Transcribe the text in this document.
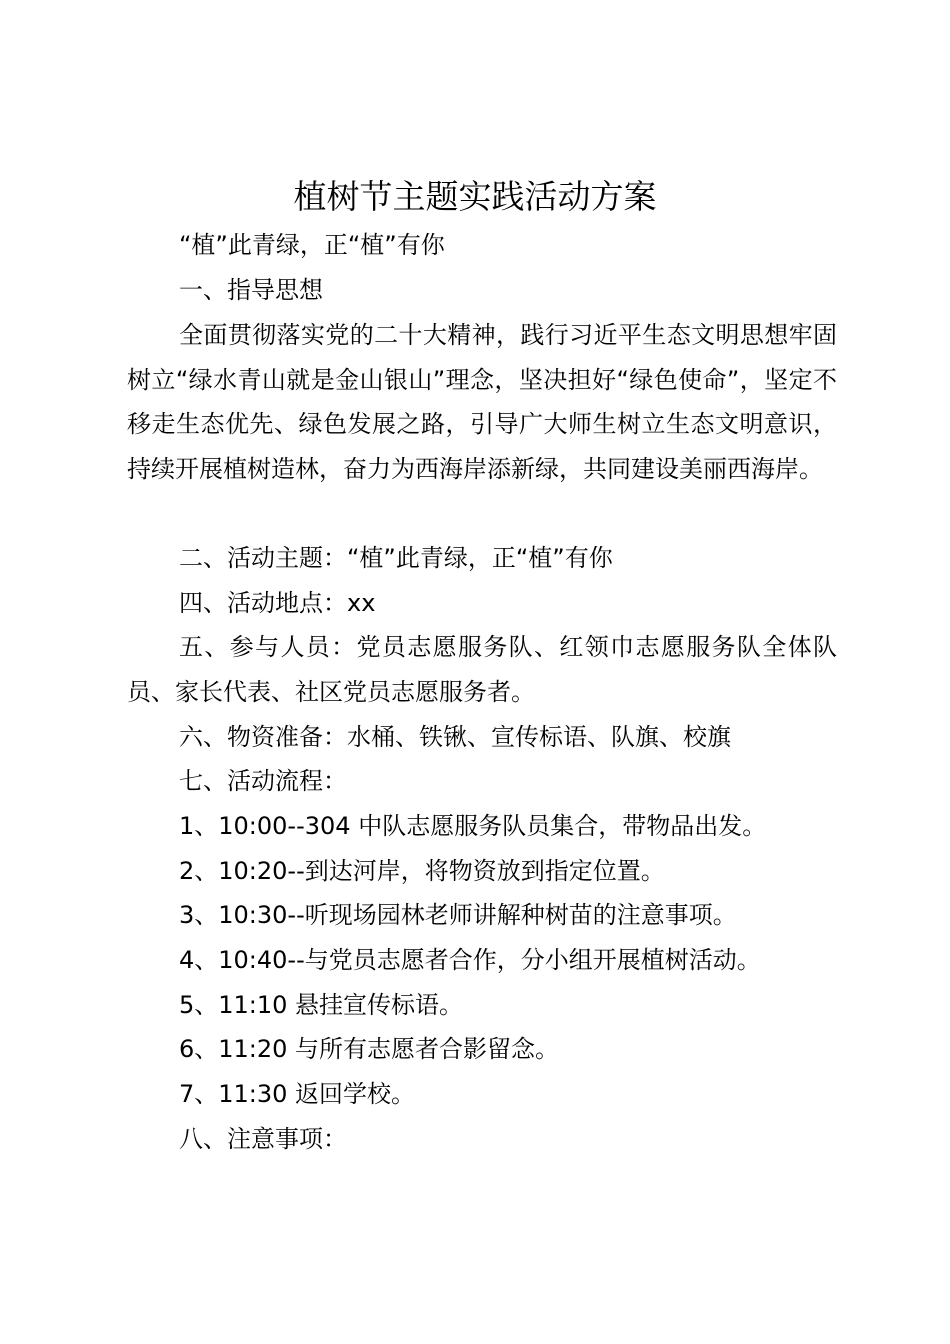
植树节主题实践活动方案
“植”此青绿，正“植”有你
一、指导思想

全面贯彻落实党的二十大精神，践行习近平生态文明思想牢固树立“绿水青山就是金山银山”理念，坚决担好“绿色使命”，坚定不移走生态优先、绿色发展之路，引导广大师生树立生态文明意识，持续开展植树造林，奋力为西海岸添新绿，共同建设美丽西海岸。

二、活动主题：“植”此青绿，正“植”有你
四、活动地点：xx

五、参与人员：党员志愿服务队、红领巾志愿服务队全体队员、家长代表、社区党员志愿服务者。

六、物资准备：水桶、铁锹、宣传标语、队旗、校旗
七、活动流程：
1、10:00--304 中队志愿服务队员集合，带物品出发。
2、10:20--到达河岸，将物资放到指定位置。
3、10:30--听现场园林老师讲解种树苗的注意事项。
4、10:40--与党员志愿者合作，分小组开展植树活动。
5、11:10 悬挂宣传标语。
6、11:20 与所有志愿者合影留念。
7、11:30 返回学校。
八、注意事项：
